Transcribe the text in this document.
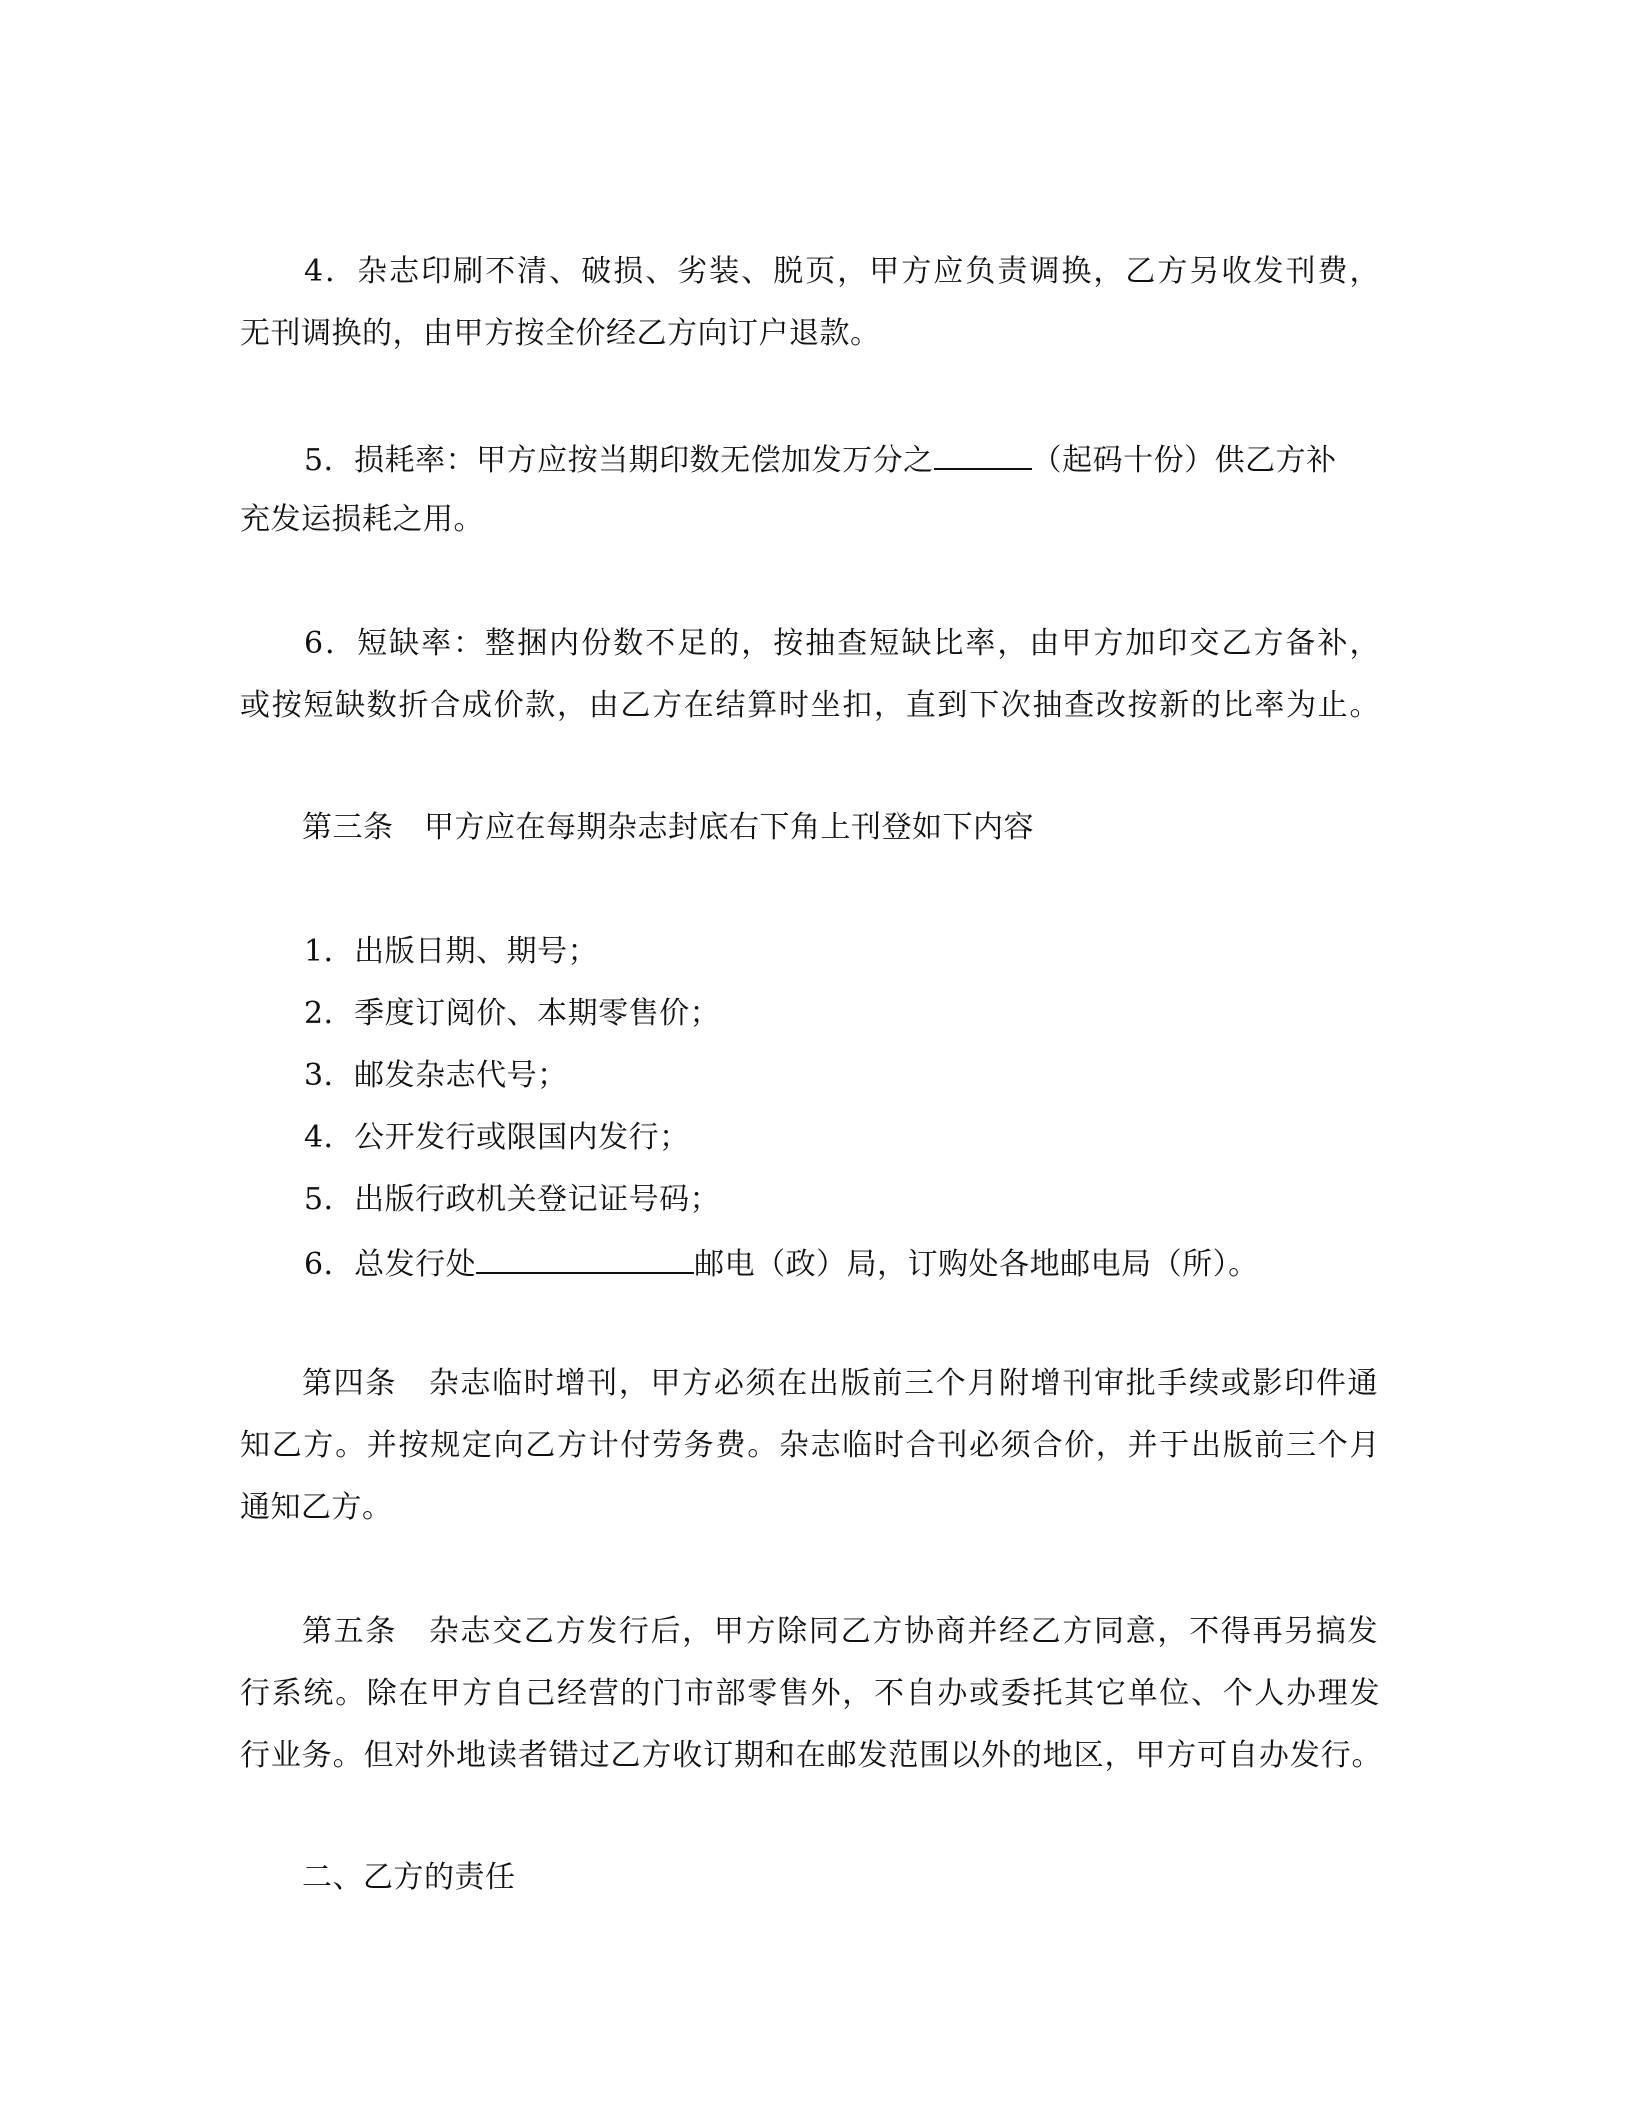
4．杂志印刷不清、破损、劣装、脱页，甲方应负责调换，乙方另收发刊费，
无刊调换的，由甲方按全价经乙方向订户退款。
5．损耗率：甲方应按当期印数无偿加发万分之	（起码十份）供乙方补
充发运损耗之用。
6．短缺率：整捆内份数不足的，按抽查短缺比率，由甲方加印交乙方备补，
或按短缺数折合成价款，由乙方在结算时坐扣，直到下次抽查改按新的比率为止。
第三条　甲方应在每期杂志封底右下角上刊登如下内容
1．出版日期、期号；
2．季度订阅价、本期零售价；
3．邮发杂志代号；
4．公开发行或限国内发行；
5．出版行政机关登记证号码；
6．总发行处	邮电（政）局，订购处各地邮电局（所）。
第四条　杂志临时增刊，甲方必须在出版前三个月附增刊审批手续或影印件通
知乙方。并按规定向乙方计付劳务费。杂志临时合刊必须合价，并于出版前三个月
通知乙方。
第五条　杂志交乙方发行后，甲方除同乙方协商并经乙方同意，不得再另搞发
行系统。除在甲方自己经营的门市部零售外，不自办或委托其它单位、个人办理发
行业务。但对外地读者错过乙方收订期和在邮发范围以外的地区，甲方可自办发行。
二、乙方的责任
